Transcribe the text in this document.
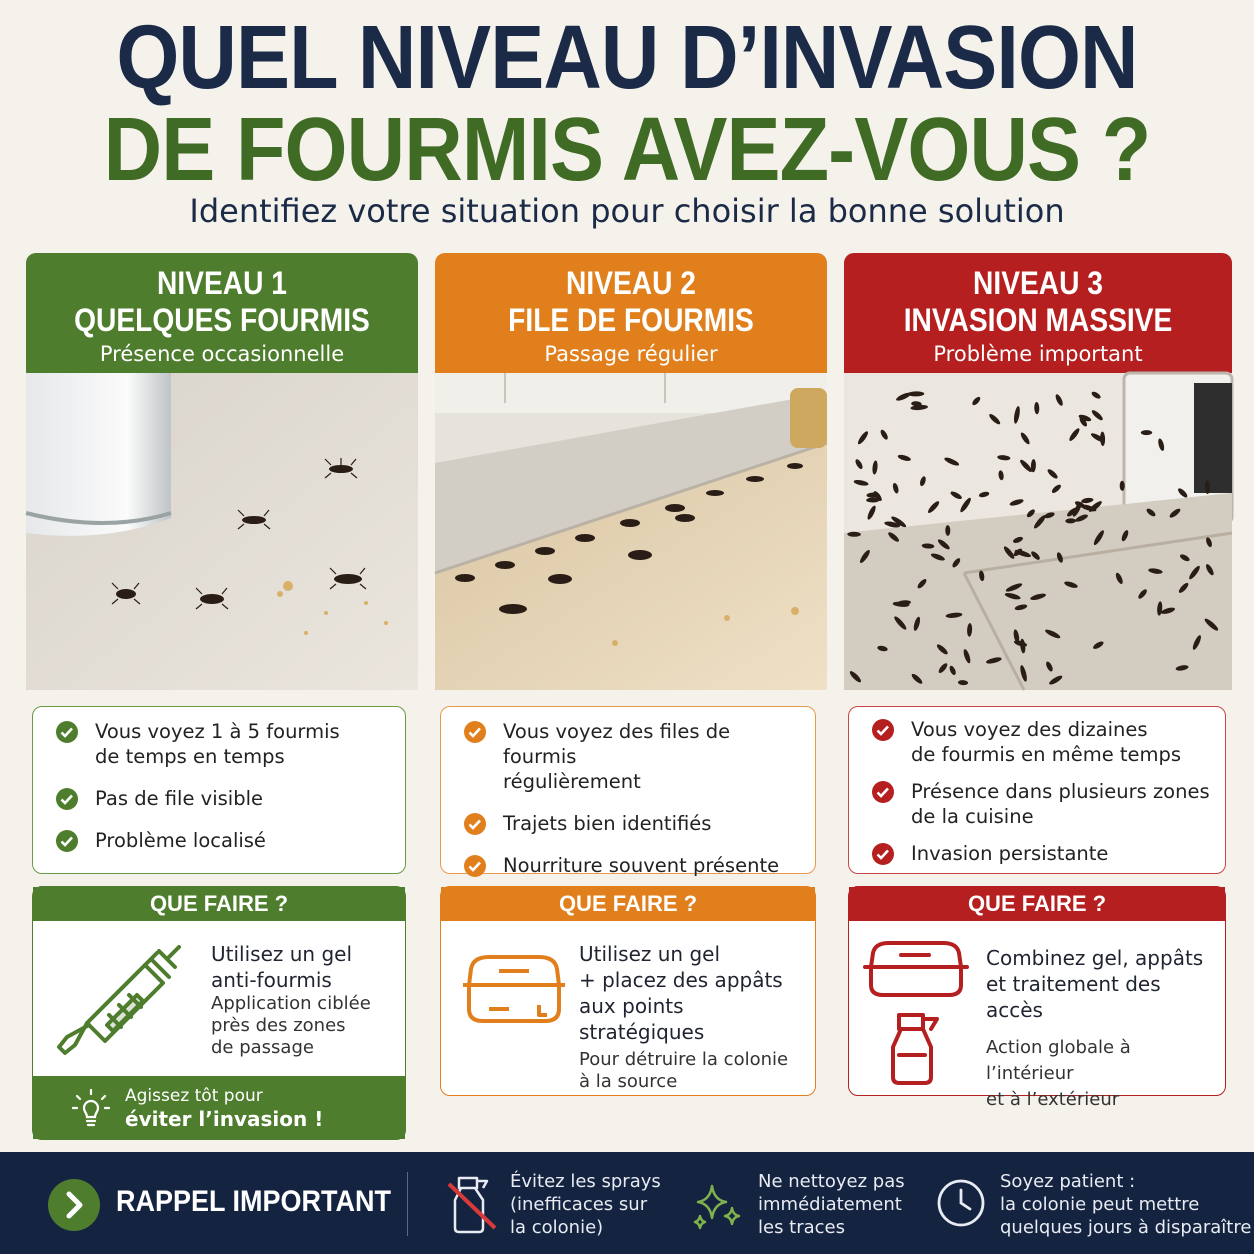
QUEL NIVEAU D’INVASION
DE FOURMIS AVEZ-VOUS ?
Identifiez votre situation pour choisir la bonne solution
NIVEAU 1
QUELQUES FOURMIS
Présence occasionnelle
Vous voyez 1 à 5 fourmis
de temps en temps
Pas de file visible
Problème localisé
QUE FAIRE ?
Utilisez un gel
anti-fourmis
Application ciblée
près des zones
de passage
Agissez tôt pour
éviter l’invasion !
NIVEAU 2
FILE DE FOURMIS
Passage régulier
Vous voyez des files de fourmis
régulièrement
Trajets bien identifiés
Nourriture souvent présente
QUE FAIRE ?
Utilisez un gel
+ placez des appâts
aux points stratégiques
Pour détruire la colonie
à la source
NIVEAU 3
INVASION MASSIVE
Problème important
Vous voyez des dizaines
de fourmis en même temps
Présence dans plusieurs zones
de la cuisine
Invasion persistante
QUE FAIRE ?
Combinez gel, appâts
et traitement des accès
Action globale à l’intérieur
et à l’extérieur
RAPPEL IMPORTANT
Évitez les sprays
(inefficaces sur
la colonie)
Ne nettoyez pas
immédiatement
les traces
Soyez patient :
la colonie peut mettre
quelques jours à disparaître
